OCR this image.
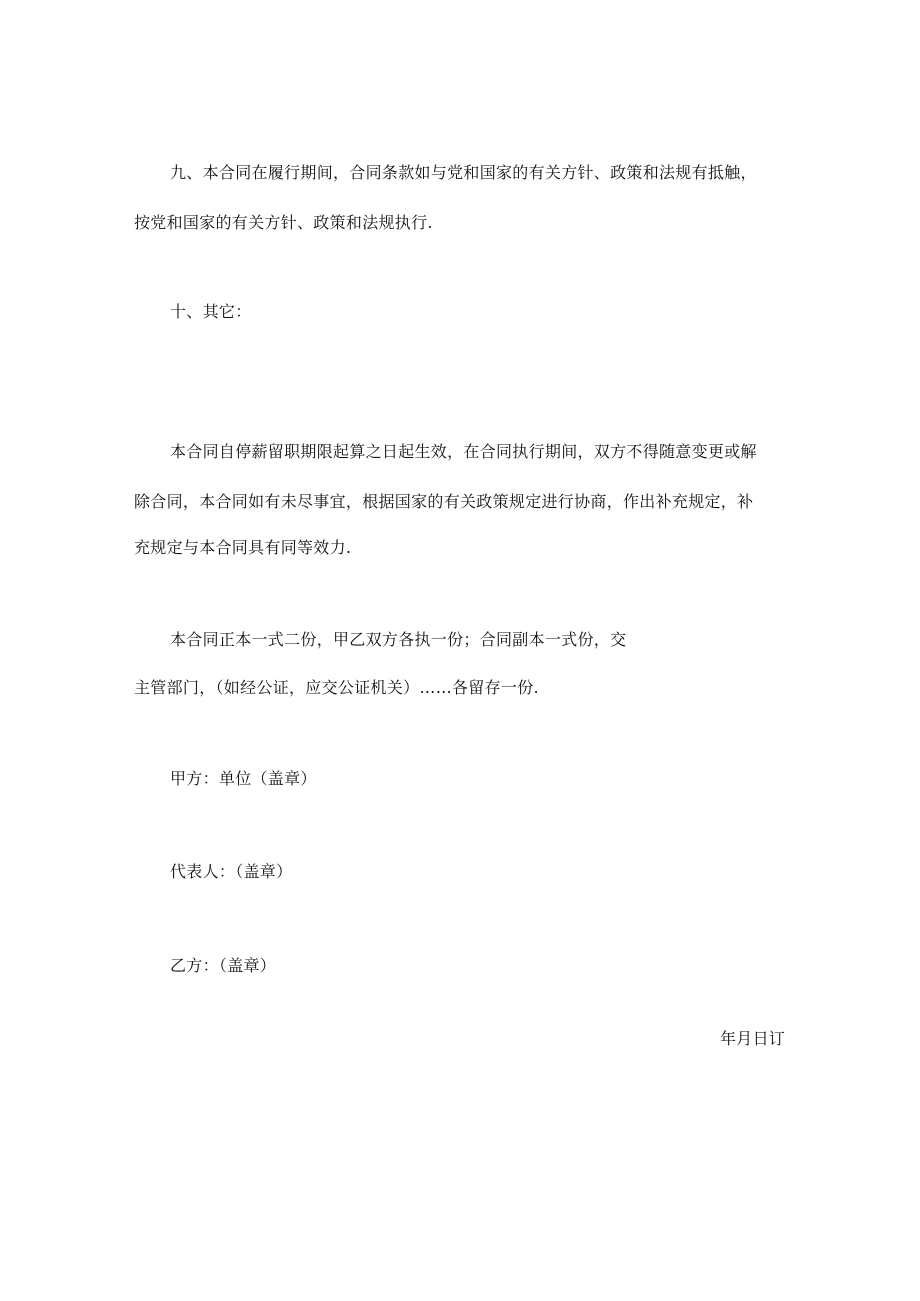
九、本合同在履行期间，合同条款如与党和国家的有关方针、政策和法规有抵触，
按党和国家的有关方针、政策和法规执行.
十、其它：
本合同自停薪留职期限起算之日起生效，在合同执行期间，双方不得随意变更或解
除合同，本合同如有未尽事宜，根据国家的有关政策规定进行协商，作出补充规定，补
充规定与本合同具有同等效力.
本合同正本一式二份，甲乙双方各执一份；合同副本一式份，交
主管部门，（如经公证，应交公证机关）……各留存一份.
甲方：单位（盖章）
代表人：（盖章）
乙方：（盖章）
年月日订
